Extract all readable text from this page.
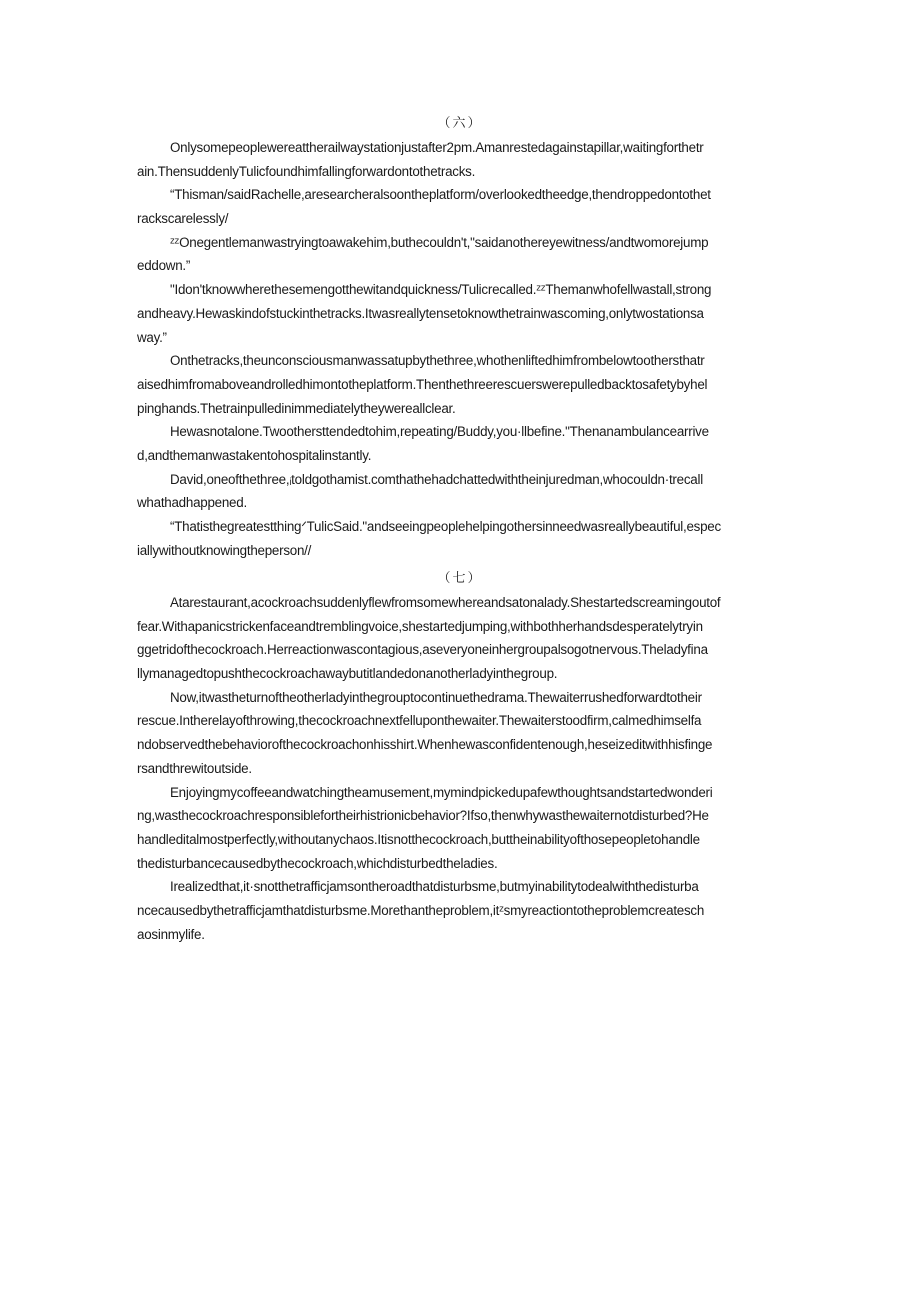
（六）
Onlysomepeoplewereattherailwaystationjustafter2pm.Amanrestedagainstapillar,waitingforthetr
ain.ThensuddenlyTulicfoundhimfallingforwardontothetracks.
“Thisman/saidRachelle,aresearcheralsoontheplatform/overlookedtheedge,thendroppedontothet
rackscarelessly/
ᶻᶻOnegentlemanwastryingtoawakehim,buthecouldn't,"saidanothereyewitness/andtwomorejump
eddown.”
"Idon'tknowwherethesemengotthewitandquickness/Tulicrecalled.ᶻᶻThemanwhofellwastall,strong
andheavy.Hewaskindofstuckinthetracks.Itwasreallytensetoknowthetrainwascoming,onlytwostationsa
way.”
Onthetracks,theunconsciousmanwassatupbythethree,whothenliftedhimfrombelowtoothersthatr
aisedhimfromaboveandrolledhimontotheplatform.Thenthethreerescuerswerepulledbacktosafetybyhel
pinghands.Thetrainpulledinimmediatelytheywereallclear.
Hewasnotalone.Twoothersttendedtohim,repeating/Buddy,you·llbefine."Thenanambulancearrive
d,andthemanwastakentohospitalinstantly.
David,oneofthethree,ᵢtoldgothamist.comthathehadchattedwiththeinjuredman,whocouldn·trecall
whathadhappened.
“ThatisthegreatestthingᐟTulicSaid."andseeingpeoplehelpingothersinneedwasreallybeautiful,espec
iallywithoutknowingtheperson//
（七）
Atarestaurant,acockroachsuddenlyflewfromsomewhereandsatonalady.Shestartedscreamingoutof
fear.Withapanicstrickenfaceandtremblingvoice,shestartedjumping,withbothherhandsdesperatelytryin
ggetridofthecockroach.Herreactionwascontagious,aseveryoneinhergroupalsogotnervous.Theladyfina
llymanagedtopushthecockroachawaybutitlandedonanotherladyinthegroup.
Now,itwastheturnoftheotherladyinthegrouptocontinuethedrama.Thewaiterrushedforwardtotheir
rescue.Intherelayofthrowing,thecockroachnextfelluponthewaiter.Thewaiterstoodfirm,calmedhimselfa
ndobservedthebehaviorofthecockroachonhisshirt.Whenhewasconfidentenough,heseizeditwithhisfinge
rsandthrewitoutside.
Enjoyingmycoffeeandwatchingtheamusement,mymindpickedupafewthoughtsandstartedwonderi
ng,wasthecockroachresponsiblefortheirhistrionicbehavior?Ifso,thenwhywasthewaiternotdisturbed?He
handleditalmostperfectly,withoutanychaos.Itisnotthecockroach,buttheinabilityofthosepeopletohandle
thedisturbancecausedbythecockroach,whichdisturbedtheladies.
Irealizedthat,it·snotthetrafficjamsontheroadthatdisturbsme,butmyinabilitytodealwiththedisturba
ncecausedbythetrafficjamthatdisturbsme.Morethantheproblem,itᶻsmyreactiontotheproblemcreatesch
aosinmylife.
